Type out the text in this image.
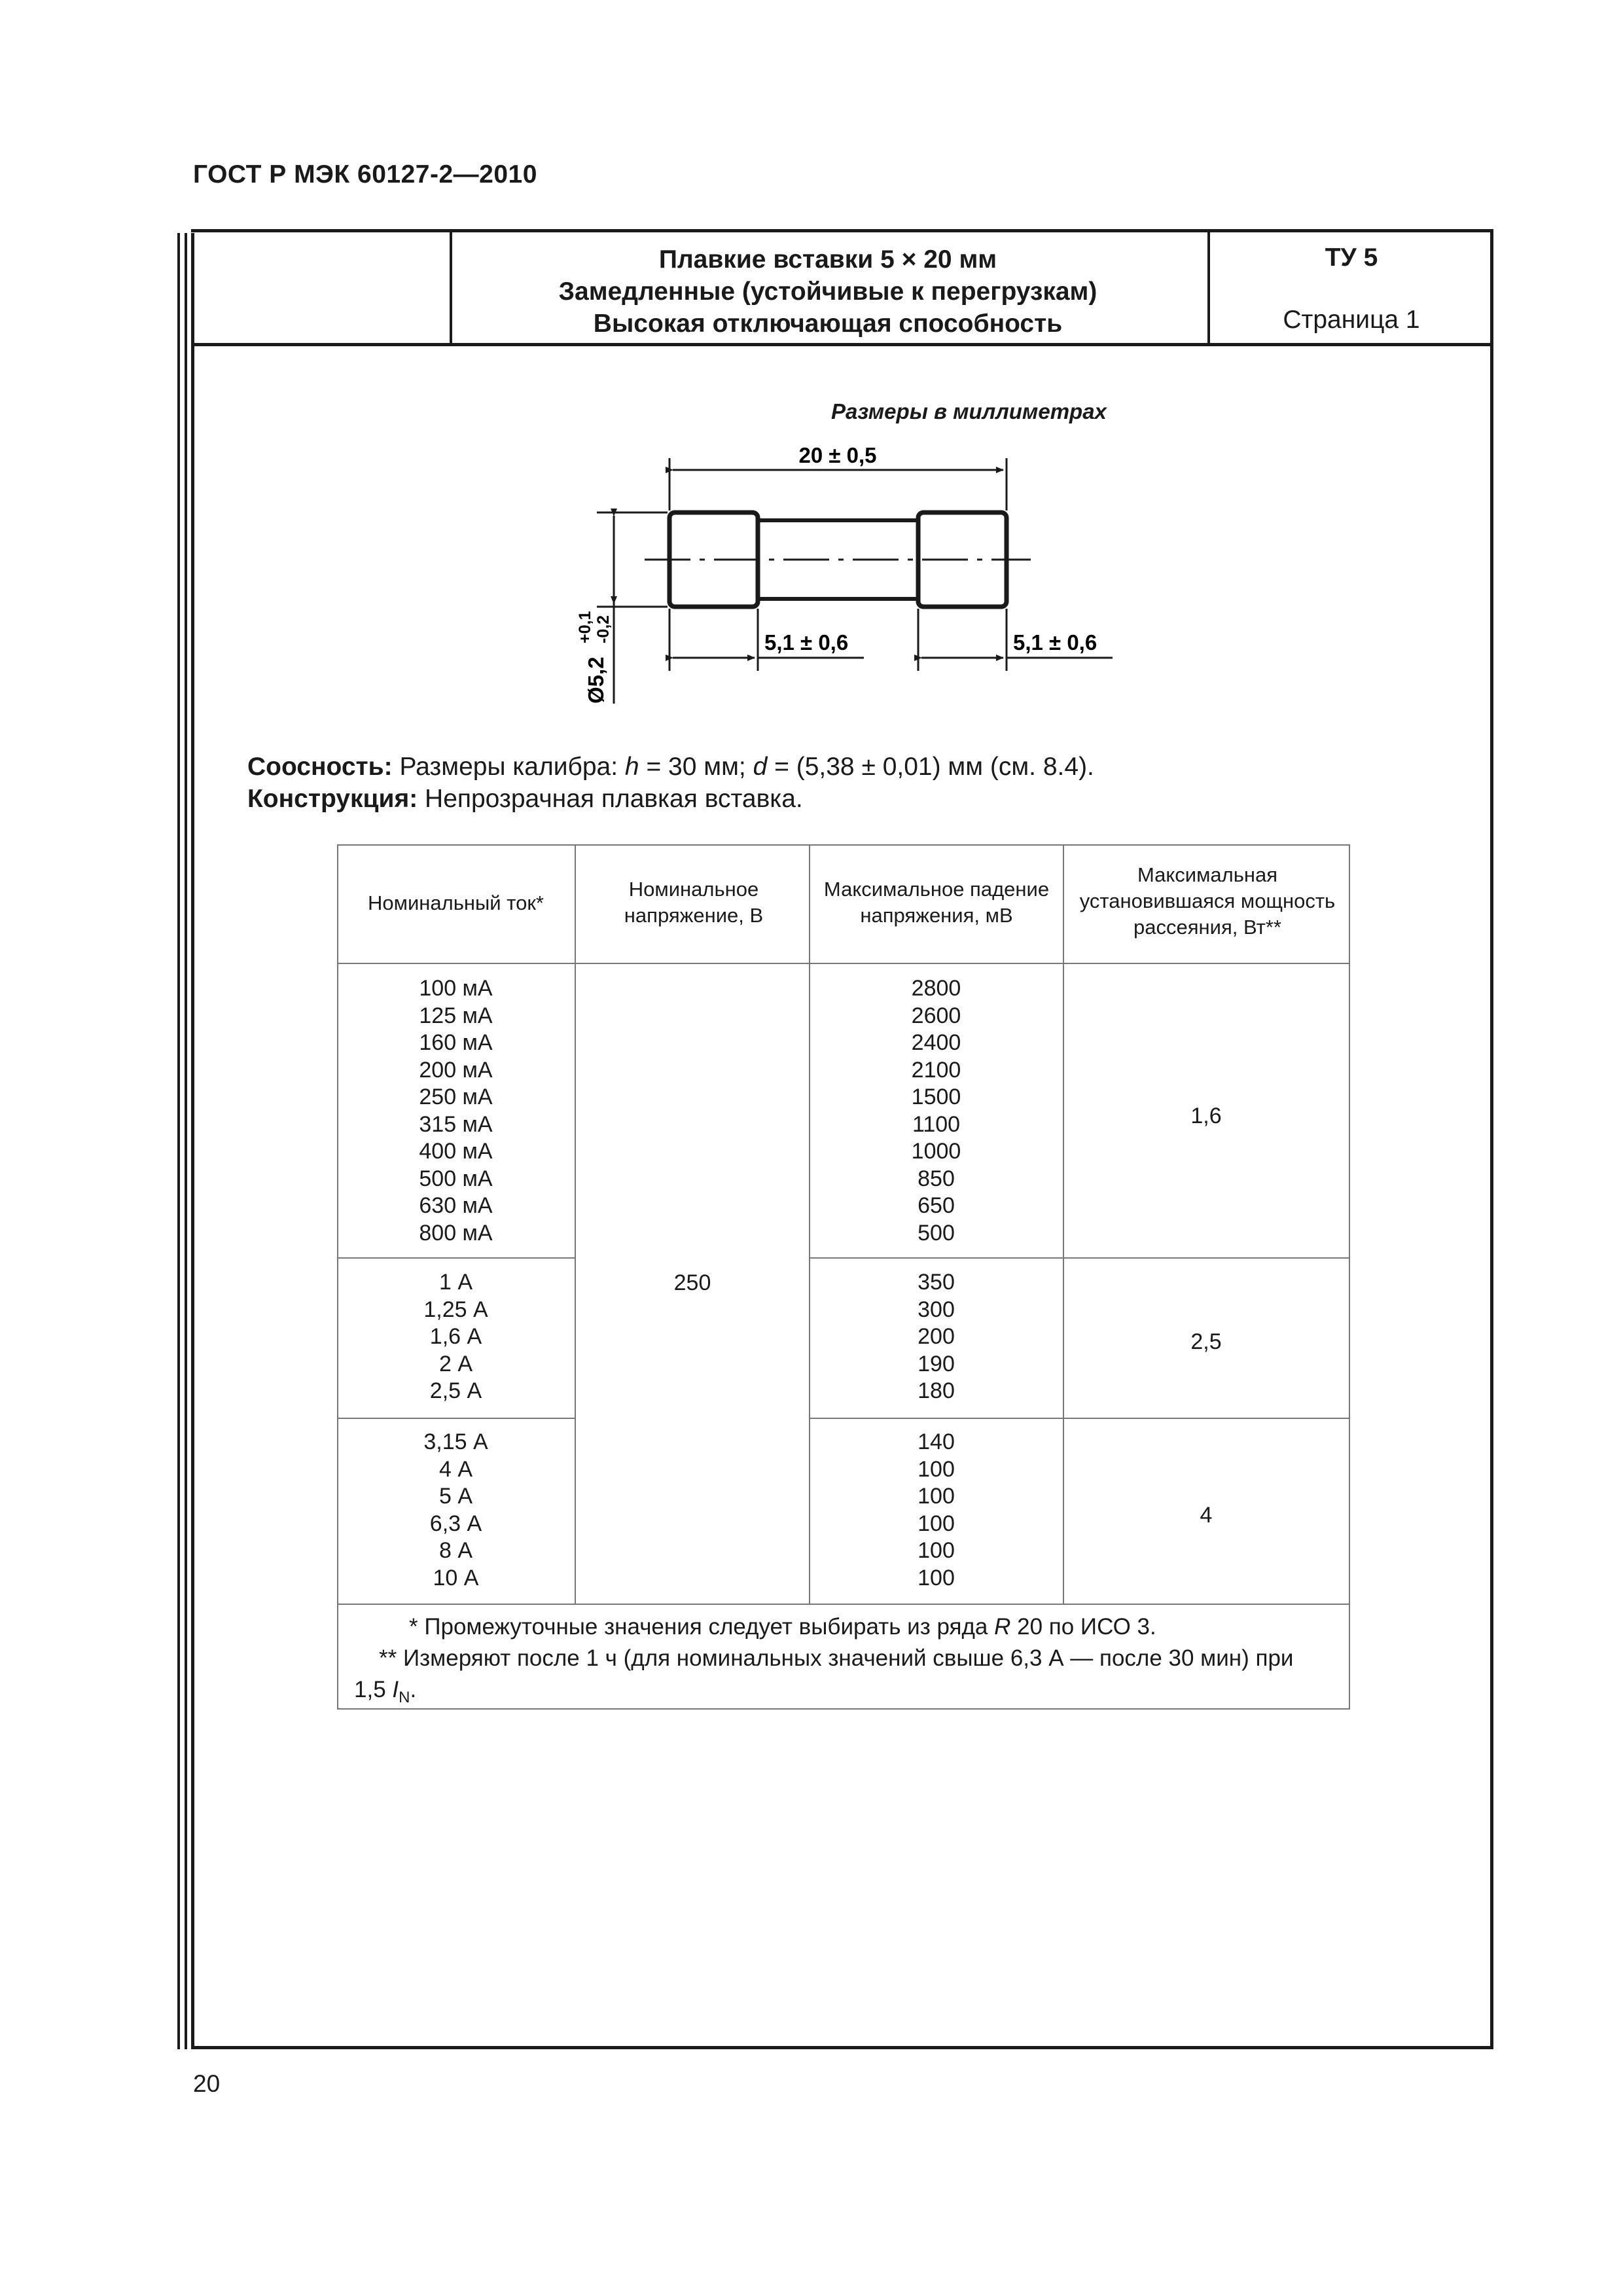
ГОСТ Р МЭК 60127-2—2010
Плавкие вставки 5 × 20 мм
Замедленные (устойчивые к перегрузкам)
Высокая отключающая способность
ТУ 5
Страница 1
Размеры в миллиметрах
20 ± 0,5
5,1 ± 0,6	5,1 ± 0,6
Ø5,2
+0,1 -0,2
Соосность: Размеры калибра: h = 30 мм; d = (5,38 ± 0,01) мм (см. 8.4).
Конструкция: Непрозрачная плавкая вставка.
Номинальный ток*
Номинальное напряжение, В
Максимальное падение напряжения, мВ
Максимальная установившаяся мощность рассеяния, Вт**
250
100 мА
125 мА
160 мА
200 мА
250 мА
315 мА
400 мА
500 мА
630 мА
800 мА
2800
2600
2400
2100
1500
1100
1000
850
650
500
1,6
1 А
1,25 А
1,6 А
2 А
2,5 А
350
300
200
190
180
2,5
3,15 А
4 А
5 А
6,3 А
8 А
10 А
140
100
100
100
100
100
4
* Промежуточные значения следует выбирать из ряда R 20 по ИСО 3.
** Измеряют после 1 ч (для номинальных значений свыше 6,3 А — после 30 мин) при
1,5 $I_N$.
20
